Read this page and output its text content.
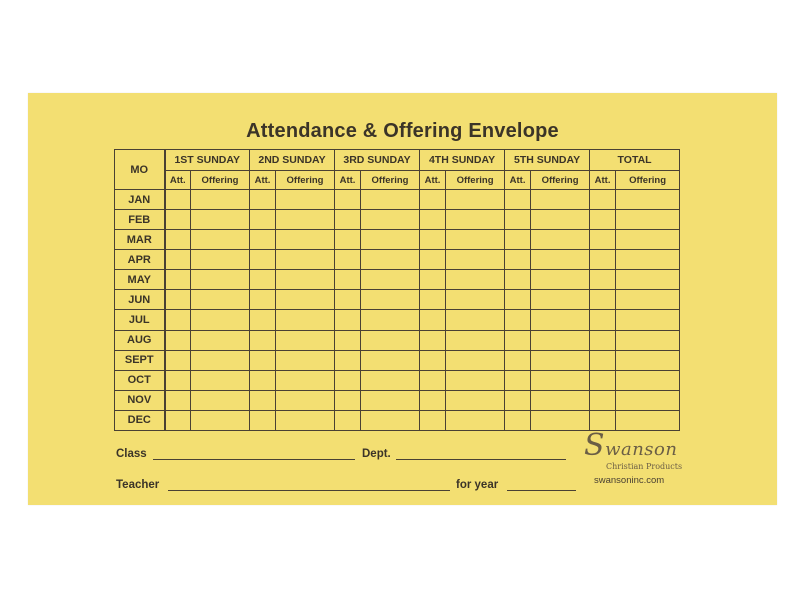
Attendance & Offering Envelope
MO	1ST SUNDAY		2ND SUNDAY		3RD SUNDAY		4TH SUNDAY		5TH SUNDAY		TOTAL	
	Att.	Offering	Att.	Offering	Att.	Offering	Att.	Offering	Att.	Offering	Att.	Offering
JAN												
FEB												
MAR												
APR												
MAY												
JUN												
JUL												
AUG												
SEPT												
OCT												
NOV												
DEC												
Class	Dept.
Teacher	for year
Swanson
Christian Products
swansoninc.com
